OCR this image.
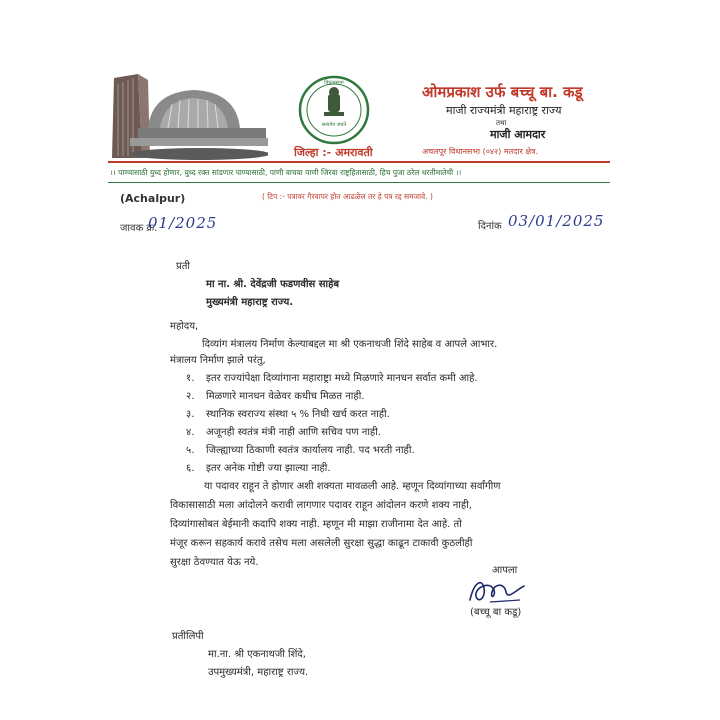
सत्यमेव जयते
विधानसभा
जिल्हा :- अमरावती
ओमप्रकाश उर्फ बच्चू बा. कडू
माजी राज्यमंत्री महाराष्ट्र राज्य
तथा
माजी आमदार
अचलपूर विधानसभा (०४२) मतदार क्षेत्र.
।। पाण्यासाठी युध्द होणार, युध्द रक्त सांडणार पाण्यासाठी, पाणी वाचवा पाणी जिरवा राष्ट्रहितासाठी, हिच पुजा ठरेल धरतीमातेची ।।
(Achalpur)	( टिप :- पत्रावर गैरवापर होत आढळेल तर हे पत्र रद्द समजावे. )
जावक क्र.
01/2025	दिनांक 03/01/2025
प्रती
मा ना. श्री. देवेंद्रजी फडणवीस साहेब
मुख्यमंत्री महाराष्ट्र राज्य.
महोदय,
दिव्यांग मंत्रालय निर्माण केल्याबद्दल मा श्री एकनाथजी शिंदे साहेब व आपले आभार.
मंत्रालय निर्माण झाले परंतु,
१. इतर राज्यांपेक्षा दिव्यांगाना महाराष्ट्रा मध्ये मिळणारे मानधन सर्वात कमी आहे.
२. मिळणारे मानधन वेळेवर कधीच मिळत नाही.
३. स्थानिक स्वराज्य संस्था ५ % निधी खर्च करत नाही.
४. अजूनही स्वतंत्र मंत्री नाही आणि सचिव पण नाही.
५. जिल्ह्याच्या ठिकाणी स्वतंत्र कार्यालय नाही. पद भरती नाही.
६. इतर अनेक गोष्टी ज्या झाल्या नाही.
या पदावर राहून ते होणार अशी शक्यता मावळली आहे. म्हणून दिव्यांगाच्या सर्वांगीण
विकासासाठी मला आंदोलने करावी लागणार पदावर राहून आंदोलन करणे शक्य नाही,
दिव्यांगासोबत बेईमानी कदापि शक्य नाही. म्हणून मी माझा राजीनामा देत आहे. तो
मंजूर करून सहकार्य करावे तसेच मला असलेली सुरक्षा सुद्धा काढून टाकावी कुठलीही
सुरक्षा ठेवण्यात येऊ नये.
आपला
(बच्चू बा कडू)
प्रतीलिपी
मा.ना. श्री एकनाथजी शिंदे,
उपमुख्यमंत्री, महाराष्ट्र राज्य.
